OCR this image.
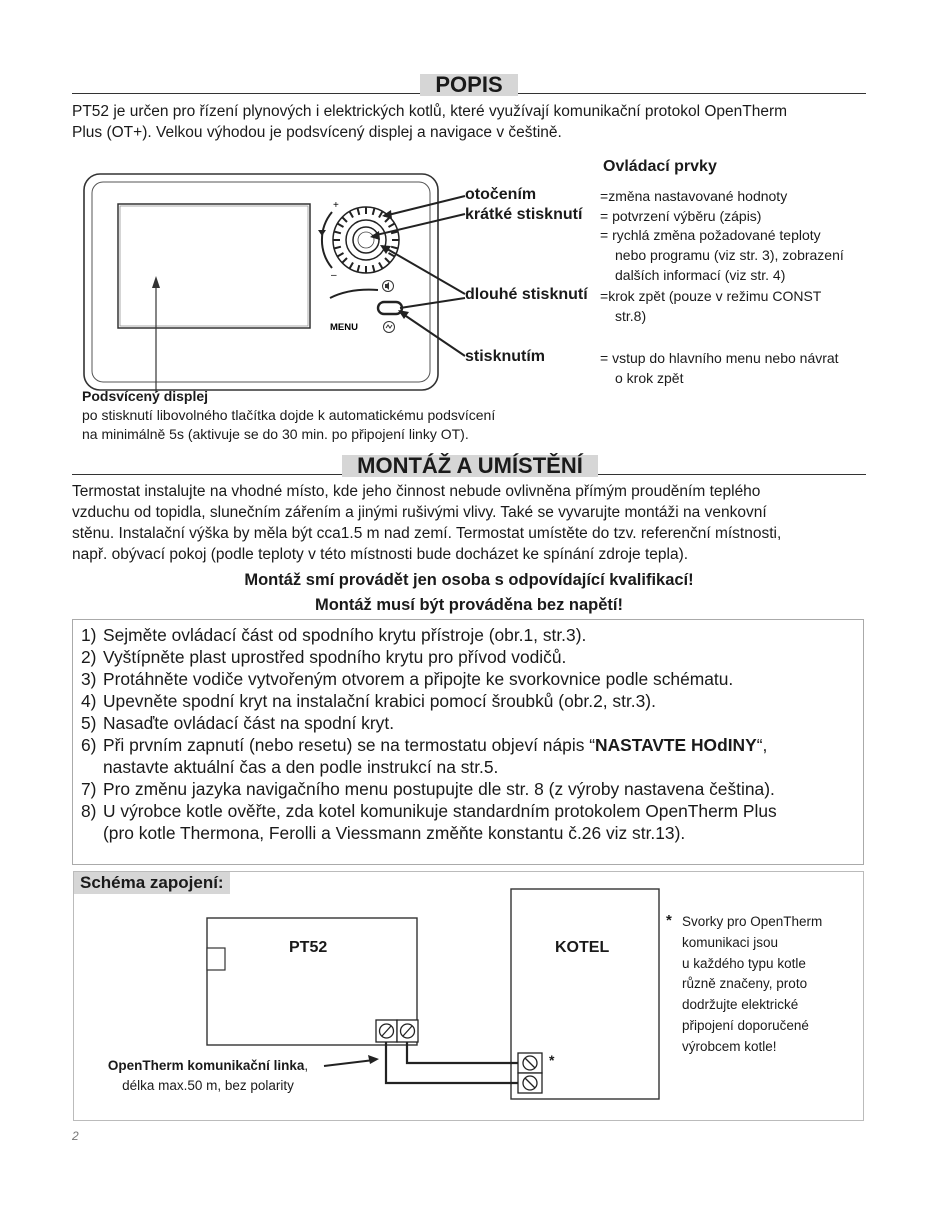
POPIS
PT52 je určen pro řízení plynových i elektrických kotlů, které využívají komunikační protokol OpenTherm
Plus (OT+). Velkou výhodou je podsvícený displej a navigace v češtině.
+
–
MENU
Podsvícený displej
po stisknutí libovolného tlačítka dojde k automatickému podsvícení
na minimálně 5s (aktivuje se do 30 min. po připojení linky OT).
Ovládací prvky
otočením	=změna nastavované hodnoty
krátké stisknutí = potvrzení výběru (zápis)
= rychlá změna požadované teploty
nebo programu (viz str. 3), zobrazení
dalších informací (viz str. 4)
dlouhé stisknutí =krok zpět (pouze v režimu CONST
str.8)
stisknutím	= vstup do hlavního menu nebo návrat
o krok zpět
MONTÁŽ A UMÍSTĚNÍ
Termostat instalujte na vhodné místo, kde jeho činnost nebude ovlivněna přímým prouděním teplého
vzduchu od topidla, slunečním zářením a jinými rušivými vlivy. Také se vyvarujte montáži na venkovní
stěnu. Instalační výška by měla být cca1.5 m nad zemí. Termostat umístěte do tzv. referenční místnosti,
např. obývací pokoj (podle teploty v této místnosti bude docházet ke spínání zdroje tepla).
Montáž smí provádět jen osoba s odpovídající kvalifikací!
Montáž musí být prováděna bez napětí!
1) Sejměte ovládací část od spodního krytu přístroje (obr.1, str.3).
2) Vyštípněte plast uprostřed spodního krytu pro přívod vodičů.
3) Protáhněte vodiče vytvořeným otvorem a připojte ke svorkovnice podle schématu.
4) Upevněte spodní kryt na instalační krabici pomocí šroubků (obr.2, str.3).
5) Nasaďte ovládací část na spodní kryt.
6) Při prvním zapnutí (nebo resetu) se na termostatu objeví nápis “NASTAVTE HOdINY“,
nastavte aktuální čas a den podle instrukcí na str.5.
7) Pro změnu jazyka navigačního menu postupujte dle str. 8 (z výroby nastavena čeština).
8) U výrobce kotle ověřte, zda kotel komunikuje standardním protokolem OpenTherm Plus
(pro kotle Thermona, Ferolli a Viessmann změňte konstantu č.26 viz str.13).
Schéma zapojení:
PT52	KOTEL
*
OpenTherm komunikační linka,
délka max.50 m, bez polarity
* Svorky pro OpenTherm
komunikaci jsou
u každého typu kotle
různě značeny, proto
dodržujte elektrické
připojení doporučené
výrobcem kotle!
2
